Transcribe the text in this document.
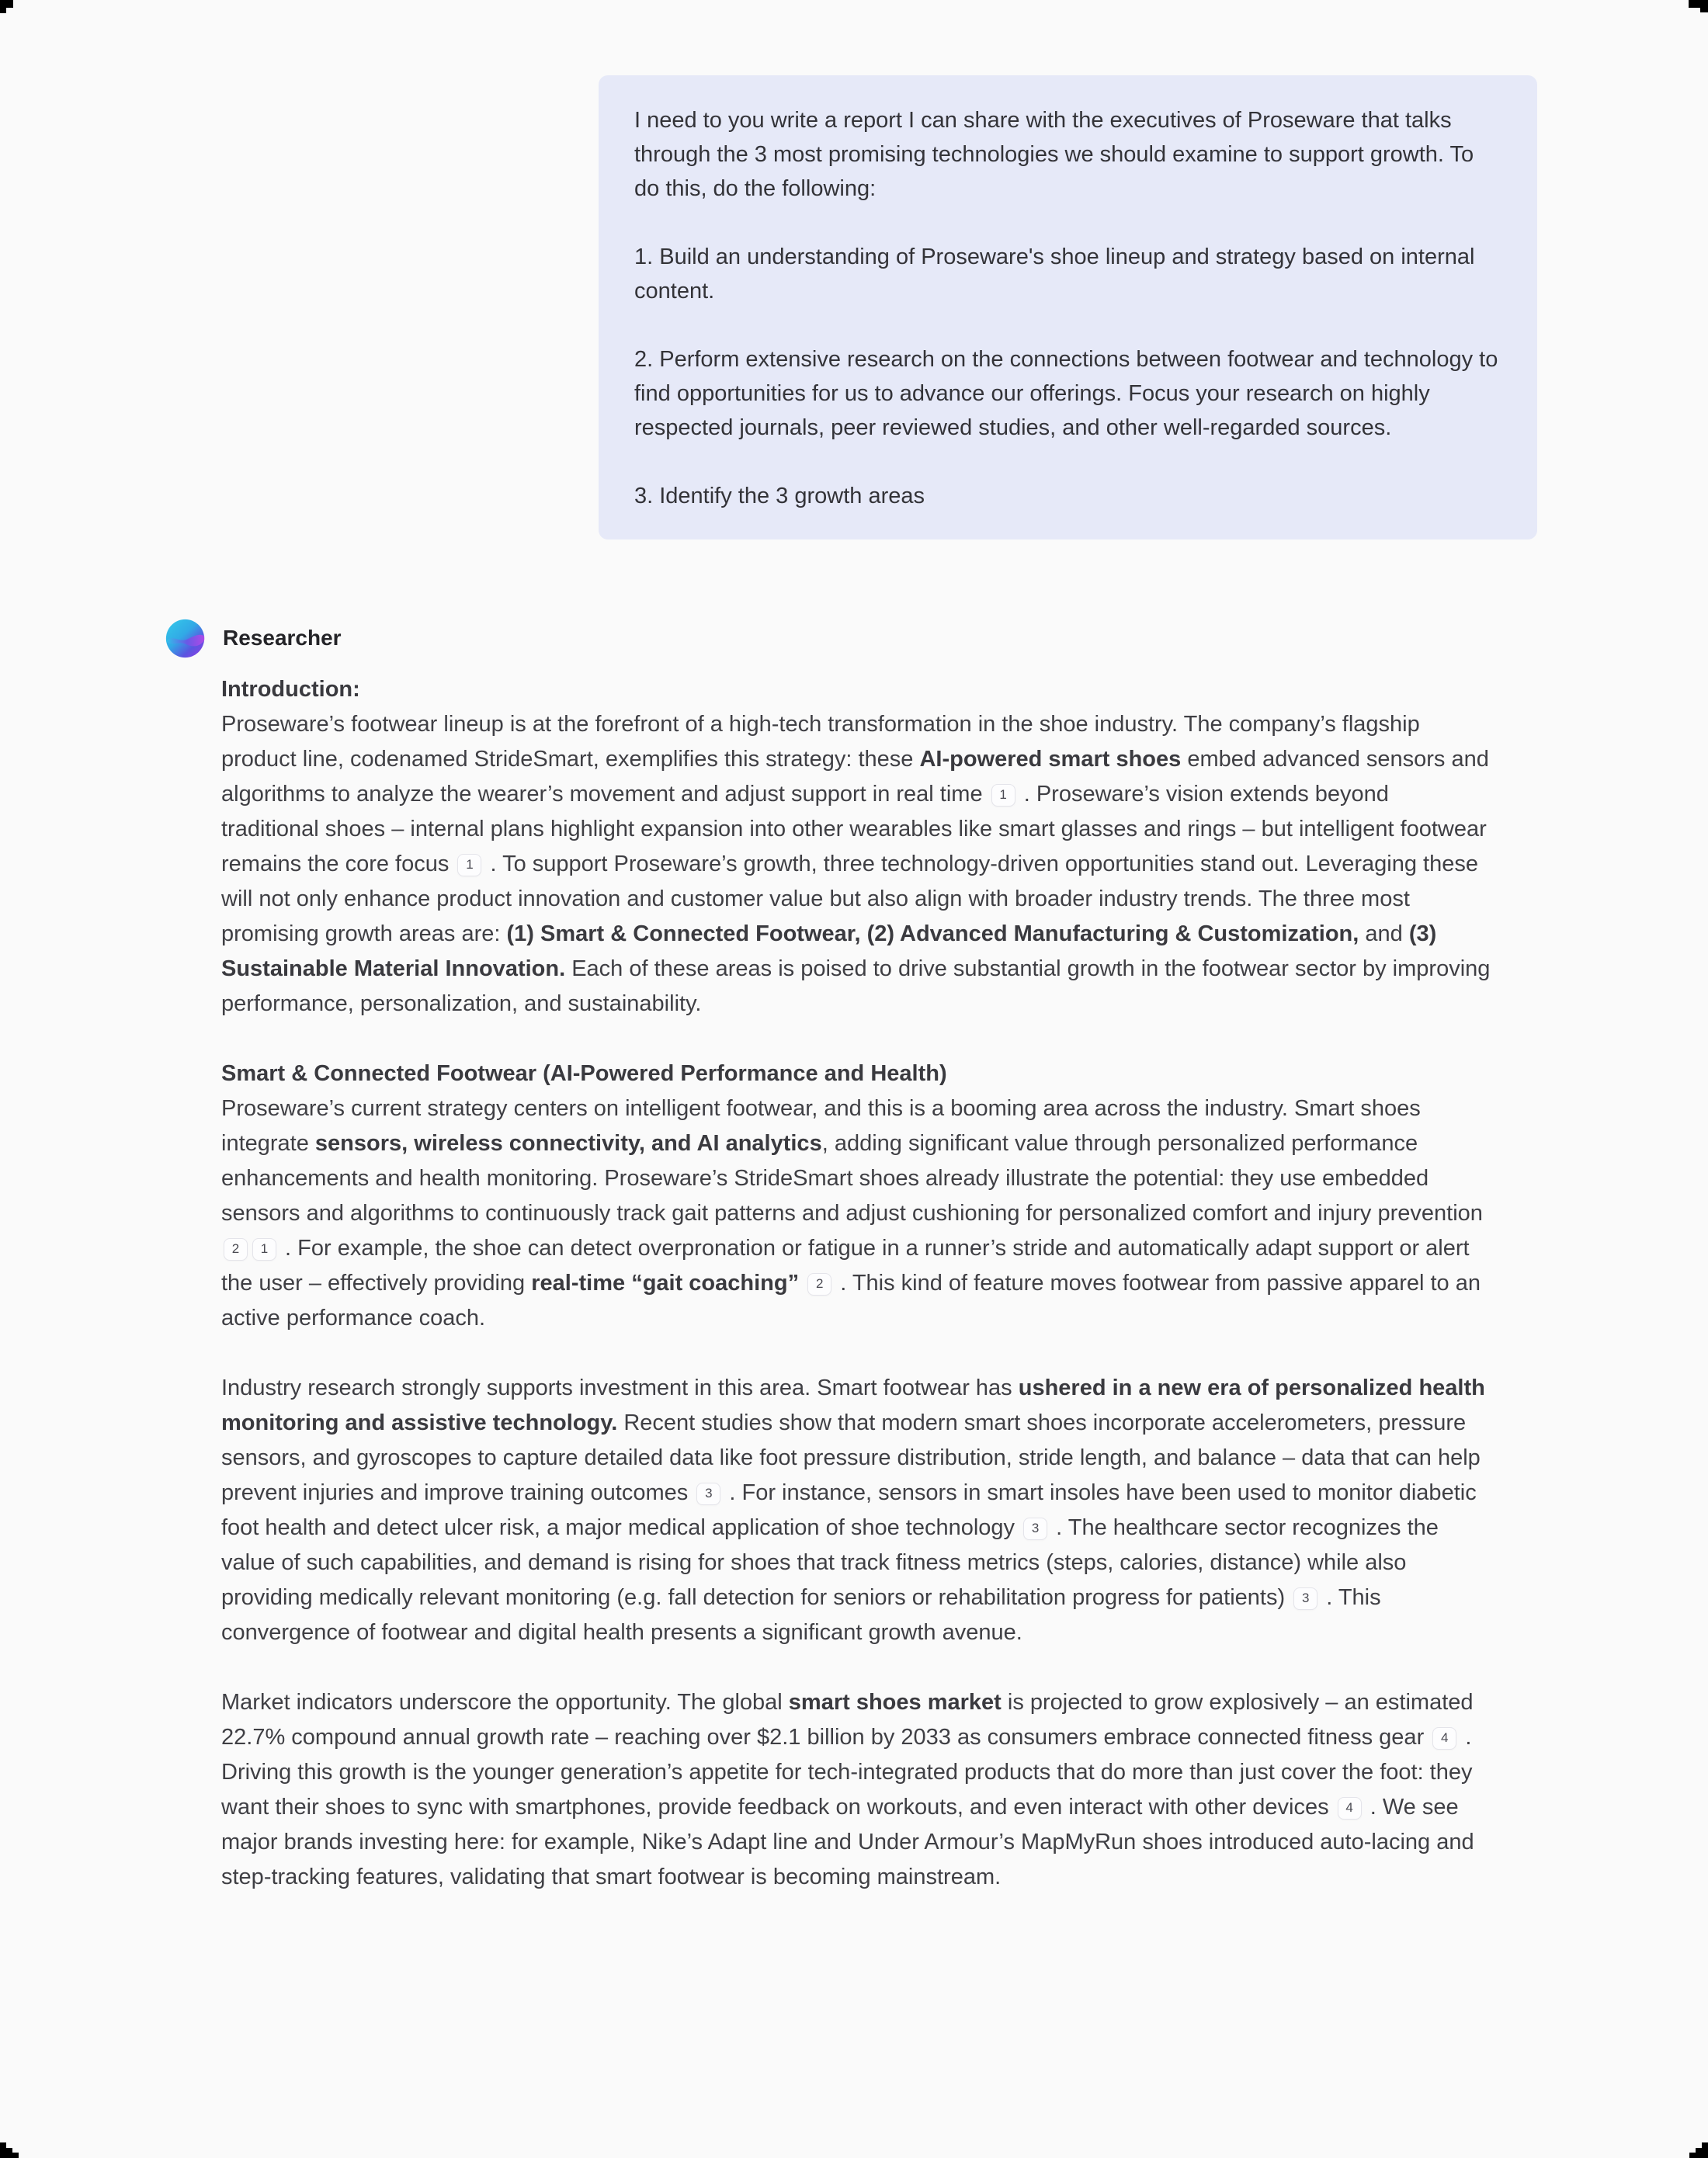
I need to you write a report I can share with the executives of Proseware that talks through the 3 most promising technologies we should examine to support growth. To do this, do the following:

1. Build an understanding of Proseware's shoe lineup and strategy based on internal content.

2. Perform extensive research on the connections between footwear and technology to find opportunities for us to advance our offerings. Focus your research on highly respected journals, peer reviewed studies, and other well-regarded sources.

3. Identify the 3 growth areas

Researcher
Introduction:

Proseware’s footwear lineup is at the forefront of a high-tech transformation in the shoe industry. The company’s flagship product line, codenamed StrideSmart, exemplifies this strategy: these AI-powered smart shoes embed advanced sensors and algorithms to analyze the wearer’s movement and adjust support in real time 1 . Proseware’s vision extends beyond traditional shoes – internal plans highlight expansion into other wearables like smart glasses and rings – but intelligent footwear remains the core focus 1 . To support Proseware’s growth, three technology-driven opportunities stand out. Leveraging these will not only enhance product innovation and customer value but also align with broader industry trends. The three most promising growth areas are: (1) Smart & Connected Footwear, (2) Advanced Manufacturing & Customization, and (3) Sustainable Material Innovation. Each of these areas is poised to drive substantial growth in the footwear sector by improving performance, personalization, and sustainability.

Smart & Connected Footwear (AI-Powered Performance and Health)

Proseware’s current strategy centers on intelligent footwear, and this is a booming area across the industry. Smart shoes integrate sensors, wireless connectivity, and AI analytics, adding significant value through personalized performance enhancements and health monitoring. Proseware’s StrideSmart shoes already illustrate the potential: they use embedded sensors and algorithms to continuously track gait patterns and adjust cushioning for personalized comfort and injury prevention 2 1 . For example, the shoe can detect overpronation or fatigue in a runner’s stride and automatically adapt support or alert the user – effectively providing real-time “gait coaching” 2 . This kind of feature moves footwear from passive apparel to an active performance coach.

Industry research strongly supports investment in this area. Smart footwear has ushered in a new era of personalized health monitoring and assistive technology. Recent studies show that modern smart shoes incorporate accelerometers, pressure sensors, and gyroscopes to capture detailed data like foot pressure distribution, stride length, and balance – data that can help prevent injuries and improve training outcomes 3 . For instance, sensors in smart insoles have been used to monitor diabetic foot health and detect ulcer risk, a major medical application of shoe technology 3 . The healthcare sector recognizes the value of such capabilities, and demand is rising for shoes that track fitness metrics (steps, calories, distance) while also providing medically relevant monitoring (e.g. fall detection for seniors or rehabilitation progress for patients) 3 . This convergence of footwear and digital health presents a significant growth avenue.

Market indicators underscore the opportunity. The global smart shoes market is projected to grow explosively – an estimated 22.7% compound annual growth rate – reaching over $2.1 billion by 2033 as consumers embrace connected fitness gear 4 . Driving this growth is the younger generation’s appetite for tech-integrated products that do more than just cover the foot: they want their shoes to sync with smartphones, provide feedback on workouts, and even interact with other devices 4 . We see major brands investing here: for example, Nike’s Adapt line and Under Armour’s MapMyRun shoes introduced auto-lacing and step-tracking features, validating that smart footwear is becoming mainstream.
